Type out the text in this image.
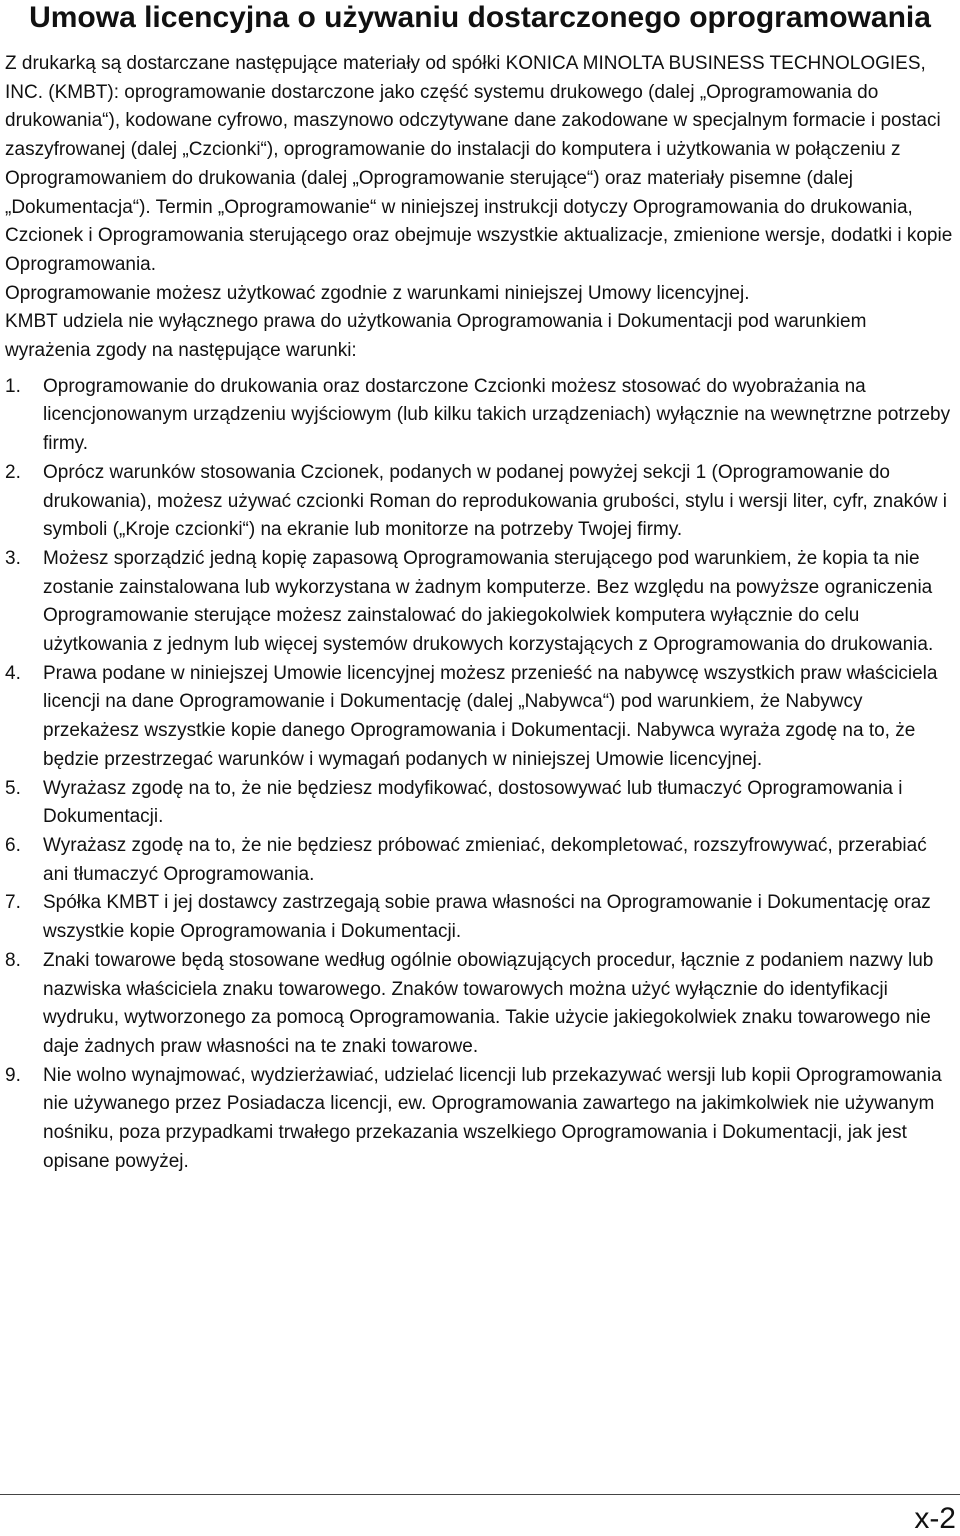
Umowa licencyjna o używaniu dostarczonego oprogramowania

Z drukarką są dostarczane następujące materiały od spółki KONICA MINOLTA BUSINESS TECHNOLOGIES, INC. (KMBT): oprogramowanie dostarczone jako część systemu drukowego (dalej „Oprogramowania do drukowania“), kodowane cyfrowo, maszynowo odczytywane dane zakodowane w specjalnym formacie i postaci zaszyfrowanej (dalej „Czcionki“), oprogramowanie do instalacji do komputera i użytkowania w połączeniu z Oprogramowaniem do drukowania (dalej „Oprogramowanie sterujące“) oraz materiały pisemne (dalej „Dokumentacja“). Termin „Oprogramowanie“ w niniejszej instrukcji dotyczy Oprogramowania do drukowania, Czcionek i Oprogramowania sterującego oraz obejmuje wszystkie aktualizacje, zmienione wersje, dodatki i kopie Oprogramowania.

Oprogramowanie możesz użytkować zgodnie z warunkami niniejszej Umowy licencyjnej.

KMBT udziela nie wyłącznego prawa do użytkowania Oprogramowania i Dokumentacji pod warunkiem wyrażenia zgody na następujące warunki:

1.	Oprogramowanie do drukowania oraz dostarczone Czcionki możesz stosować do wyobrażania na licencjonowanym urządzeniu wyjściowym (lub kilku takich urządzeniach) wyłącznie na wewnętrzne potrzeby firmy.
2.	Oprócz warunków stosowania Czcionek, podanych w podanej powyżej sekcji 1 (Oprogramowanie do drukowania), możesz używać czcionki Roman do reprodukowania grubości, stylu i wersji liter, cyfr, znaków i symboli („Kroje czcionki“) na ekranie lub monitorze na potrzeby Twojej firmy.
3.	Możesz sporządzić jedną kopię zapasową Oprogramowania sterującego pod warunkiem, że kopia ta nie zostanie zainstalowana lub wykorzystana w żadnym komputerze. Bez względu na powyższe ograniczenia Oprogramowanie sterujące możesz zainstalować do jakiegokolwiek komputera wyłącznie do celu użytkowania z jednym lub więcej systemów drukowych korzystających z Oprogramowania do drukowania.
4.	Prawa podane w niniejszej Umowie licencyjnej możesz przenieść na nabywcę wszystkich praw właściciela licencji na dane Oprogramowanie i Dokumentację (dalej „Nabywca“) pod warunkiem, że Nabywcy przekażesz wszystkie kopie danego Oprogramowania i Dokumentacji. Nabywca wyraża zgodę na to, że będzie przestrzegać warunków i wymagań podanych w niniejszej Umowie licencyjnej.
5.	Wyrażasz zgodę na to, że nie będziesz modyfikować, dostosowywać lub tłumaczyć Oprogramowania i Dokumentacji.
6.	Wyrażasz zgodę na to, że nie będziesz próbować zmieniać, dekompletować, rozszyfrowywać, przerabiać ani tłumaczyć Oprogramowania.
7.	Spółka KMBT i jej dostawcy zastrzegają sobie prawa własności na Oprogramowanie i Dokumentację oraz wszystkie kopie Oprogramowania i Dokumentacji.
8.	Znaki towarowe będą stosowane według ogólnie obowiązujących procedur, łącznie z podaniem nazwy lub nazwiska właściciela znaku towarowego. Znaków towarowych można użyć wyłącznie do identyfikacji wydruku, wytworzonego za pomocą Oprogramowania. Takie użycie jakiegokolwiek znaku towarowego nie daje żadnych praw własności na te znaki towarowe.
9.	Nie wolno wynajmować, wydzierżawiać, udzielać licencji lub przekazywać wersji lub kopii Oprogramowania nie używanego przez Posiadacza licencji, ew. Oprogramowania zawartego na jakimkolwiek nie używanym nośniku, poza przypadkami trwałego przekazania wszelkiego Oprogramowania i Dokumentacji, jak jest opisane powyżej.
x-2
